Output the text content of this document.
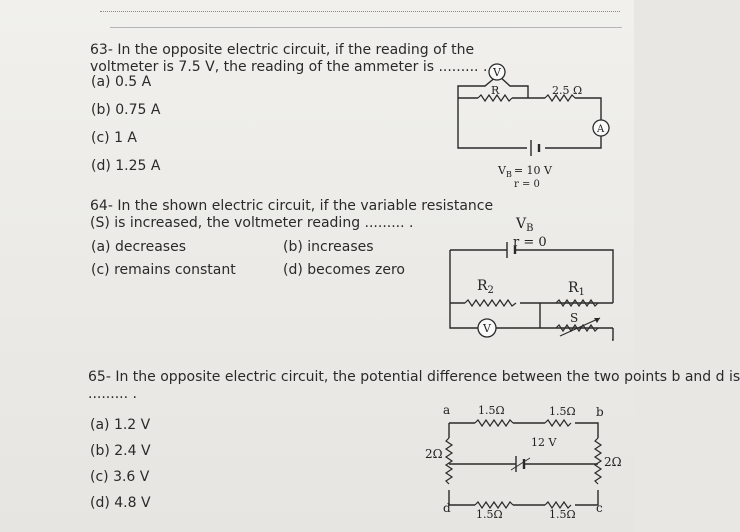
63- In the opposite electric circuit, if the reading of the
voltmeter is 7.5 V, the reading of the ammeter is ......... .
(a) 0.5 A
(b) 0.75 A
(c) 1 A
(d) 1.25 A
V
A
R	2.5 Ω
$V_B = 10$ V
r = 0
64- In the shown electric circuit, if the variable resistance
(S) is increased, the voltmeter reading ......... .
(a) decreases	(b) increases
(c) remains constant	(d) becomes zero
V
$V_B$
r = 0
$R_2$	$R_1$
S
65- In the opposite electric circuit, the potential difference between the two points b and d is
......... .
(a) 1.2 V
(b) 2.4 V
(c) 3.6 V
(d) 4.8 V
a	b
c
d
1.5Ω	1.5Ω
2Ω
2Ω
12 V
1.5Ω	1.5Ω
